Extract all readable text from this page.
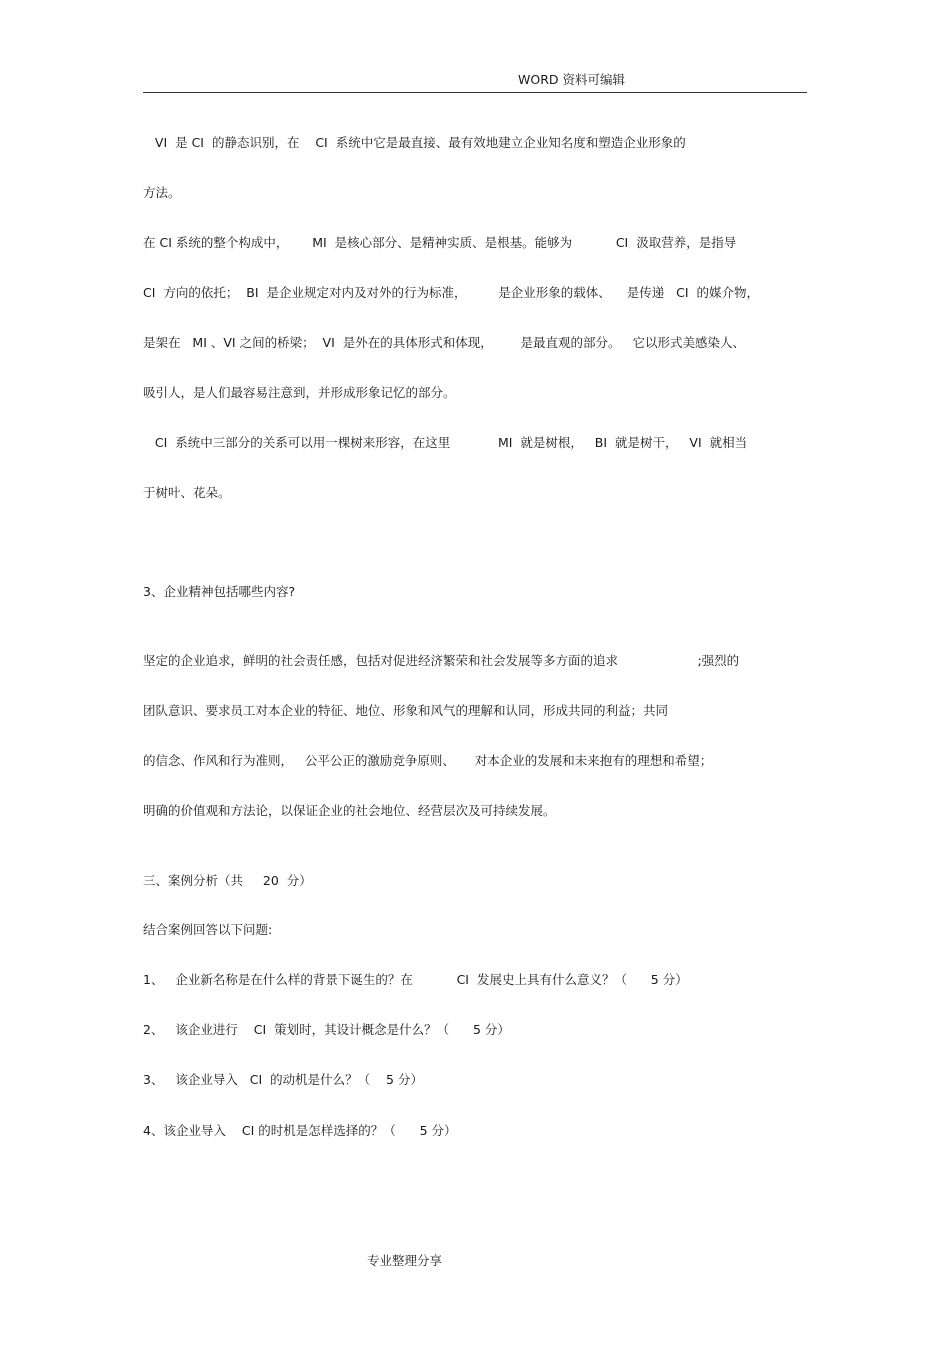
WORD 资料可编辑
VI  是 CI  的静态识别，在    CI  系统中它是最直接、最有效地建立企业知名度和塑造企业形象的
方法。
在 CI 系统的整个构成中，      MI  是核心部分、是精神实质、是根基。能够为           CI  汲取营养，是指导
CI  方向的依托；  BI  是企业规定对内及对外的行为标准，        是企业形象的载体、    是传递   CI  的媒介物，
是架在   MI 、VI 之间的桥梁；  VI  是外在的具体形式和体现，       是最直观的部分。   它以形式美感染人、
吸引人，是人们最容易注意到，并形成形象记忆的部分。
CI  系统中三部分的关系可以用一棵树来形容，在这里            MI  就是树根，   BI  就是树干，   VI  就相当
于树叶、花朵。
3、企业精神包括哪些内容?
坚定的企业追求，鲜明的社会责任感，包括对促进经济繁荣和社会发展等多方面的追求                    ;强烈的
团队意识、要求员工对本企业的特征、地位、形象和风气的理解和认同，形成共同的利益；共同
的信念、作风和行为准则，   公平公正的激励竞争原则、     对本企业的发展和未来抱有的理想和希望；
明确的价值观和方法论，以保证企业的社会地位、经营层次及可持续发展。
三、案例分析（共     20  分）
结合案例回答以下问题:
1、   企业新名称是在什么样的背景下诞生的？在           CI  发展史上具有什么意义？（      5 分）
2、   该企业进行    CI  策划时，其设计概念是什么？（      5 分）
3、   该企业导入   CI  的动机是什么？（    5 分）
4、该企业导入    CI 的时机是怎样选择的？（      5 分）
专业整理分享
